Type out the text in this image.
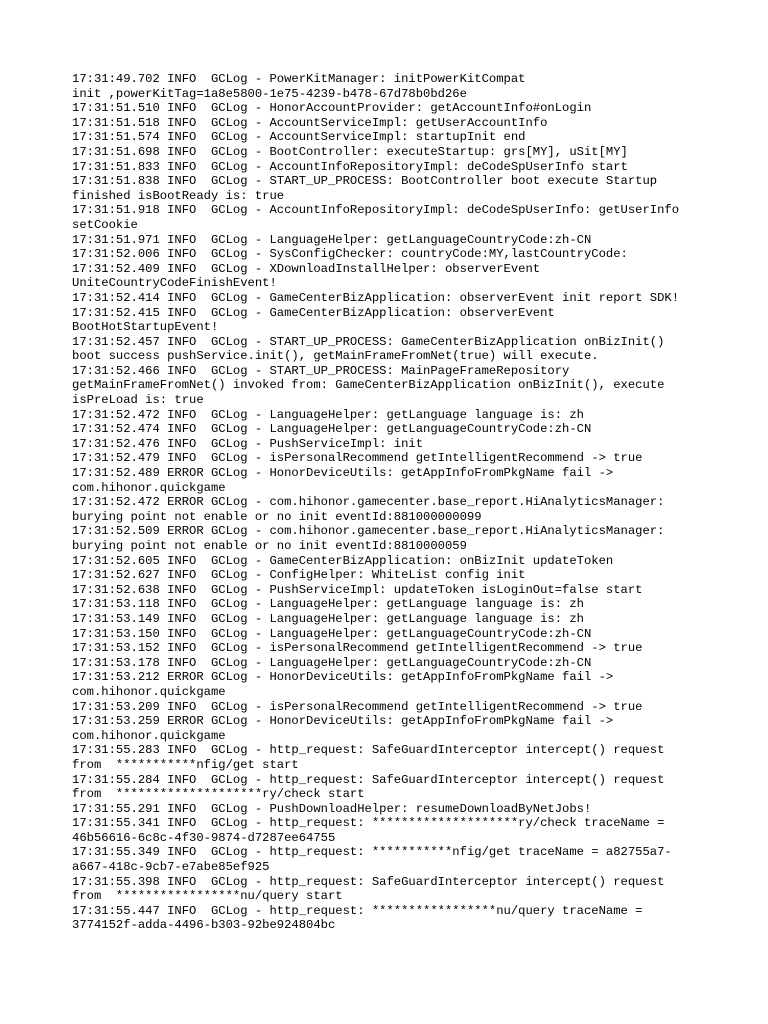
17:31:49.702 INFO  GCLog - PowerKitManager: initPowerKitCompat

init ,powerKitTag=1a8e5800-1e75-4239-b478-67d78b0bd26e

17:31:51.510 INFO  GCLog - HonorAccountProvider: getAccountInfo#onLogin

17:31:51.518 INFO  GCLog - AccountServiceImpl: getUserAccountInfo

17:31:51.574 INFO  GCLog - AccountServiceImpl: startupInit end

17:31:51.698 INFO  GCLog - BootController: executeStartup: grs[MY], uSit[MY]

17:31:51.833 INFO  GCLog - AccountInfoRepositoryImpl: deCodeSpUserInfo start

17:31:51.838 INFO  GCLog - START_UP_PROCESS: BootController boot execute Startup

finished isBootReady is: true

17:31:51.918 INFO  GCLog - AccountInfoRepositoryImpl: deCodeSpUserInfo: getUserInfo

setCookie

17:31:51.971 INFO  GCLog - LanguageHelper: getLanguageCountryCode:zh-CN

17:31:52.006 INFO  GCLog - SysConfigChecker: countryCode:MY,lastCountryCode:

17:31:52.409 INFO  GCLog - XDownloadInstallHelper: observerEvent

UniteCountryCodeFinishEvent!

17:31:52.414 INFO  GCLog - GameCenterBizApplication: observerEvent init report SDK!

17:31:52.415 INFO  GCLog - GameCenterBizApplication: observerEvent

BootHotStartupEvent!

17:31:52.457 INFO  GCLog - START_UP_PROCESS: GameCenterBizApplication onBizInit()

boot success pushService.init(), getMainFrameFromNet(true) will execute.

17:31:52.466 INFO  GCLog - START_UP_PROCESS: MainPageFrameRepository

getMainFrameFromNet() invoked from: GameCenterBizApplication onBizInit(), execute

isPreLoad is: true

17:31:52.472 INFO  GCLog - LanguageHelper: getLanguage language is: zh

17:31:52.474 INFO  GCLog - LanguageHelper: getLanguageCountryCode:zh-CN

17:31:52.476 INFO  GCLog - PushServiceImpl: init

17:31:52.479 INFO  GCLog - isPersonalRecommend getIntelligentRecommend -> true

17:31:52.489 ERROR GCLog - HonorDeviceUtils: getAppInfoFromPkgName fail ->

com.hihonor.quickgame

17:31:52.472 ERROR GCLog - com.hihonor.gamecenter.base_report.HiAnalyticsManager:

burying point not enable or no init eventId:881000000099

17:31:52.509 ERROR GCLog - com.hihonor.gamecenter.base_report.HiAnalyticsManager:

burying point not enable or no init eventId:8810000059

17:31:52.605 INFO  GCLog - GameCenterBizApplication: onBizInit updateToken

17:31:52.627 INFO  GCLog - ConfigHelper: WhiteList config init

17:31:52.638 INFO  GCLog - PushServiceImpl: updateToken isLoginOut=false start

17:31:53.118 INFO  GCLog - LanguageHelper: getLanguage language is: zh

17:31:53.149 INFO  GCLog - LanguageHelper: getLanguage language is: zh

17:31:53.150 INFO  GCLog - LanguageHelper: getLanguageCountryCode:zh-CN

17:31:53.152 INFO  GCLog - isPersonalRecommend getIntelligentRecommend -> true

17:31:53.178 INFO  GCLog - LanguageHelper: getLanguageCountryCode:zh-CN

17:31:53.212 ERROR GCLog - HonorDeviceUtils: getAppInfoFromPkgName fail ->

com.hihonor.quickgame

17:31:53.209 INFO  GCLog - isPersonalRecommend getIntelligentRecommend -> true

17:31:53.259 ERROR GCLog - HonorDeviceUtils: getAppInfoFromPkgName fail ->

com.hihonor.quickgame

17:31:55.283 INFO  GCLog - http_request: SafeGuardInterceptor intercept() request

from  ***********nfig/get start

17:31:55.284 INFO  GCLog - http_request: SafeGuardInterceptor intercept() request

from  ********************ry/check start

17:31:55.291 INFO  GCLog - PushDownloadHelper: resumeDownloadByNetJobs!

17:31:55.341 INFO  GCLog - http_request: ********************ry/check traceName =

46b56616-6c8c-4f30-9874-d7287ee64755

17:31:55.349 INFO  GCLog - http_request: ***********nfig/get traceName = a82755a7-

a667-418c-9cb7-e7abe85ef925

17:31:55.398 INFO  GCLog - http_request: SafeGuardInterceptor intercept() request

from  *****************nu/query start

17:31:55.447 INFO  GCLog - http_request: *****************nu/query traceName =

3774152f-adda-4496-b303-92be924804bc
